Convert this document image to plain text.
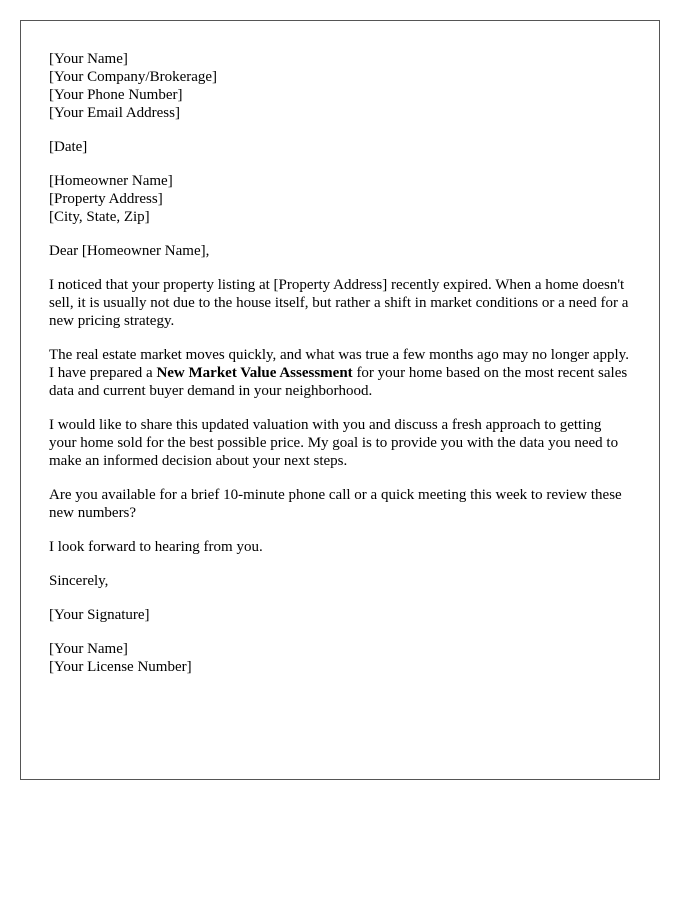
[Your Name]
[Your Company/Brokerage]
[Your Phone Number]
[Your Email Address]
[Date]
[Homeowner Name]
[Property Address]
[City, State, Zip]

Dear [Homeowner Name],

I noticed that your property listing at [Property Address] recently expired. When a home doesn't sell, it is usually not due to the house itself, but rather a shift in market conditions or a need for a new pricing strategy.

The real estate market moves quickly, and what was true a few months ago may no longer apply. I have prepared a New Market Value Assessment for your home based on the most recent sales data and current buyer demand in your neighborhood.

I would like to share this updated valuation with you and discuss a fresh approach to getting your home sold for the best possible price. My goal is to provide you with the data you need to make an informed decision about your next steps.

Are you available for a brief 10-minute phone call or a quick meeting this week to review these new numbers?

I look forward to hearing from you.

Sincerely,

[Your Signature]

[Your Name]
[Your License Number]
